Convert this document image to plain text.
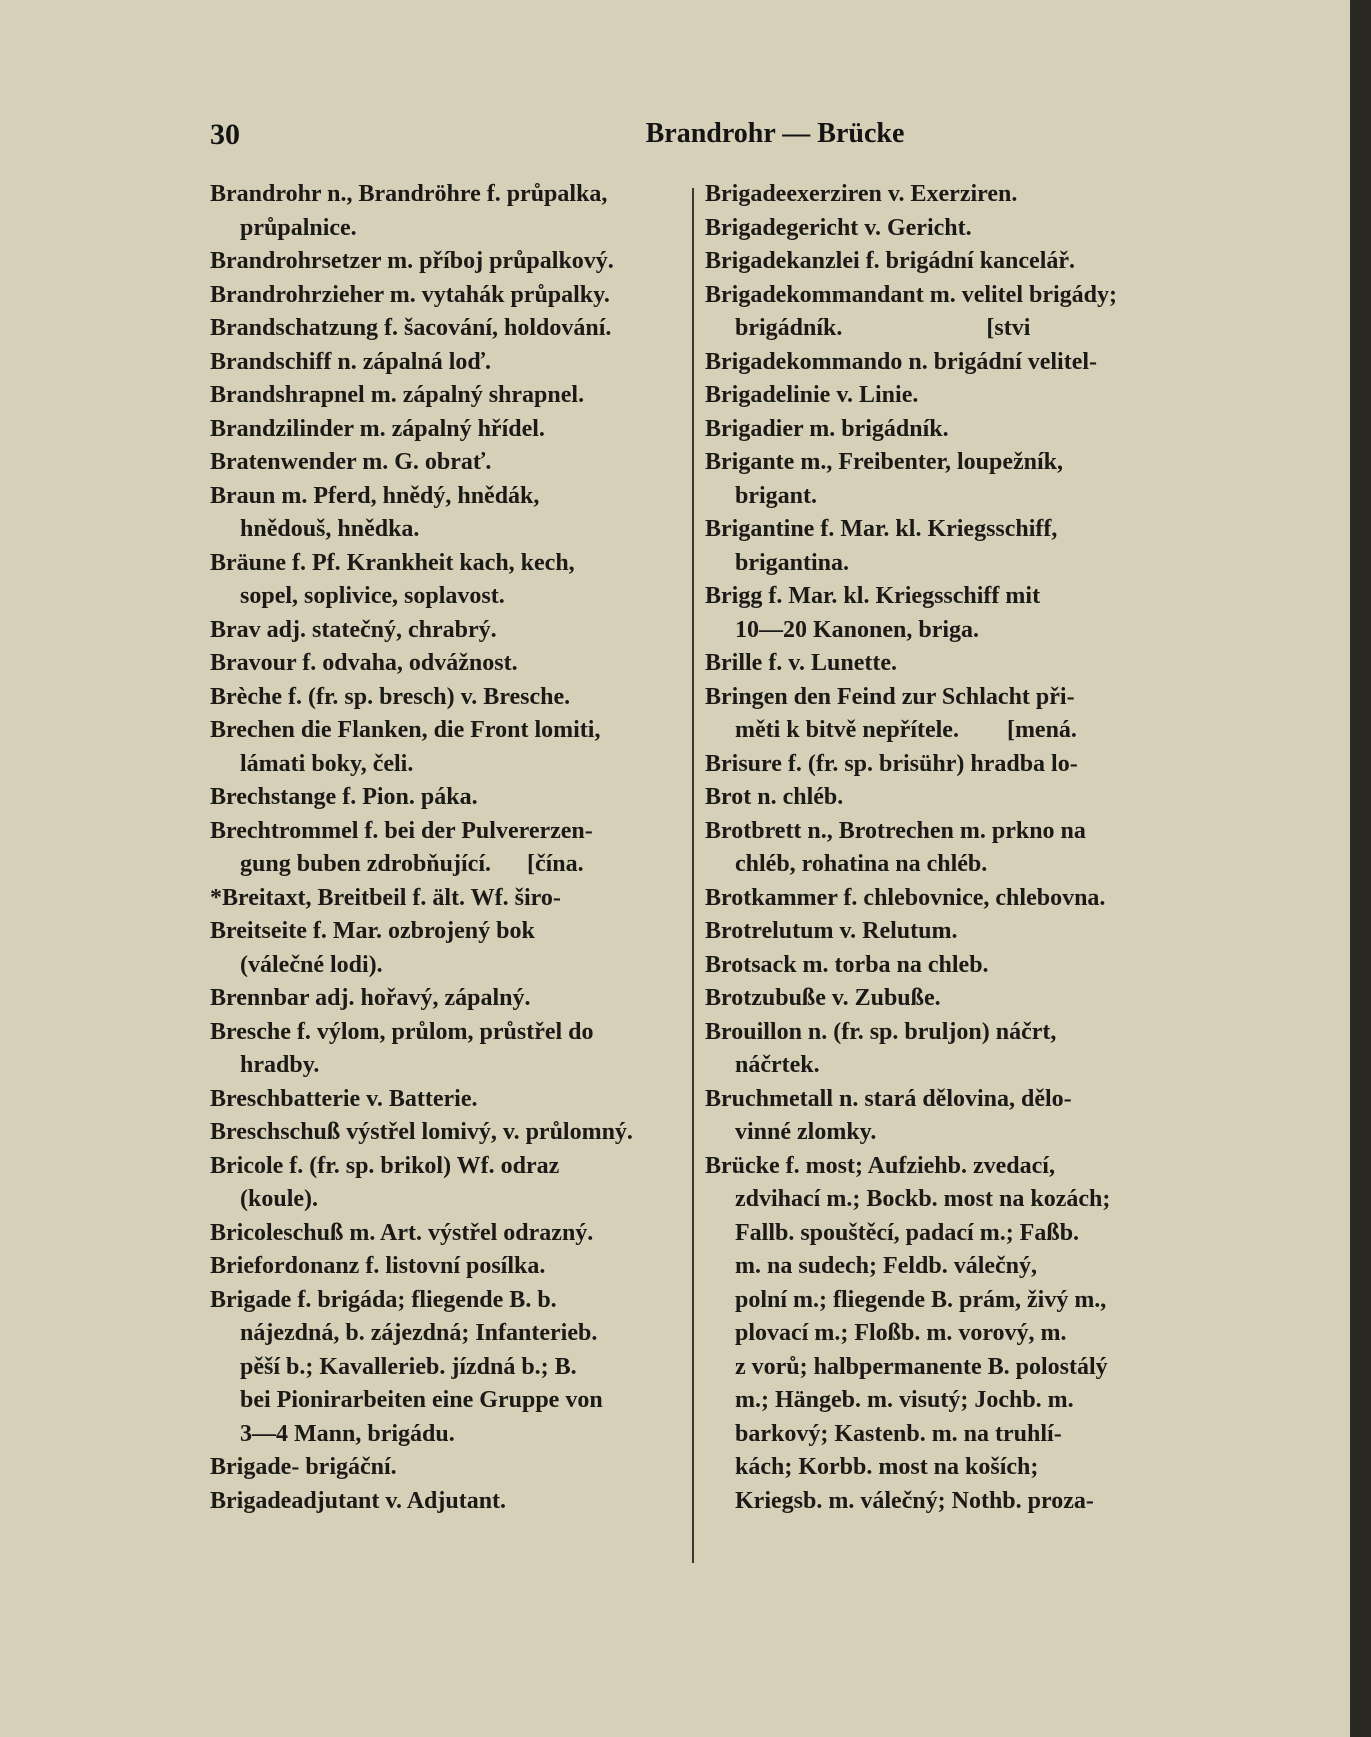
30	Brandrohr — Brücke
Brandrohr n., Brandröhre f. průpalka,
průpalnice.
Brandrohrsetzer m. příboj průpalkový.
Brandrohrzieher m. vytahák průpalky.
Brandschatzung f. šacování, holdování.
Brandschiff n. zápalná loď.
Brandshrapnel m. zápalný shrapnel.
Brandzilinder m. zápalný hřídel.
Bratenwender m. G. obrať.
Braun m. Pferd, hnědý, hnědák,
hnědouš, hnědka.
Bräune f. Pf. Krankheit kach, kech,
sopel, soplivice, soplavost.
Brav adj. statečný, chrabrý.
Bravour f. odvaha, odvážnost.
Brèche f. (fr. sp. bresch) v. Bresche.
Brechen die Flanken, die Front lomiti,
lámati boky, čeli.
Brechstange f. Pion. páka.
Brechtrommel f. bei der Pulvererzen-
gung buben zdrobňující.      [čína.
*Breitaxt, Breitbeil f. ält. Wf. širo-
Breitseite f. Mar. ozbrojený bok
(válečné lodi).
Brennbar adj. hořavý, zápalný.
Bresche f. výlom, průlom, průstřel do
hradby.
Breschbatterie v. Batterie.
Breschschuß výstřel lomivý, v. průlomný.
Bricole f. (fr. sp. brikol) Wf. odraz
(koule).
Bricoleschuß m. Art. výstřel odrazný.
Briefordonanz f. listovní posílka.
Brigade f. brigáda; fliegende B. b.
nájezdná, b. zájezdná; Infanterieb.
pěší b.; Kavallerieb. jízdná b.; B.
bei Pionirarbeiten eine Gruppe von
3—4 Mann, brigádu.
Brigade- brigáční.
Brigadeadjutant v. Adjutant.
Brigadeexerziren v. Exerziren.
Brigadegericht v. Gericht.
Brigadekanzlei f. brigádní kancelář.
Brigadekommandant m. velitel brigády;
brigádník.                        [stvi
Brigadekommando n. brigádní velitel-
Brigadelinie v. Linie.
Brigadier m. brigádník.
Brigante m., Freibenter, loupežník,
brigant.
Brigantine f. Mar. kl. Kriegsschiff,
brigantina.
Brigg f. Mar. kl. Kriegsschiff mit
10—20 Kanonen, briga.
Brille f. v. Lunette.
Bringen den Feind zur Schlacht při-
měti k bitvě nepřítele.        [mená.
Brisure f. (fr. sp. brisühr) hradba lo-
Brot n. chléb.
Brotbrett n., Brotrechen m. prkno na
chléb, rohatina na chléb.
Brotkammer f. chlebovnice, chlebovna.
Brotrelutum v. Relutum.
Brotsack m. torba na chleb.
Brotzubuße v. Zubuße.
Brouillon n. (fr. sp. bruljon) náčrt,
náčrtek.
Bruchmetall n. stará dělovina, dělo-
vinné zlomky.
Brücke f. most; Aufziehb. zvedací,
zdvihací m.; Bockb. most na kozách;
Fallb. spouštěcí, padací m.; Faßb.
m. na sudech; Feldb. válečný,
polní m.; fliegende B. prám, živý m.,
plovací m.; Floßb. m. vorový, m.
z vorů; halbpermanente B. polostálý
m.; Hängeb. m. visutý; Jochb. m.
barkový; Kastenb. m. na truhlí-
kách; Korbb. most na koších;
Kriegsb. m. válečný; Nothb. proza-
